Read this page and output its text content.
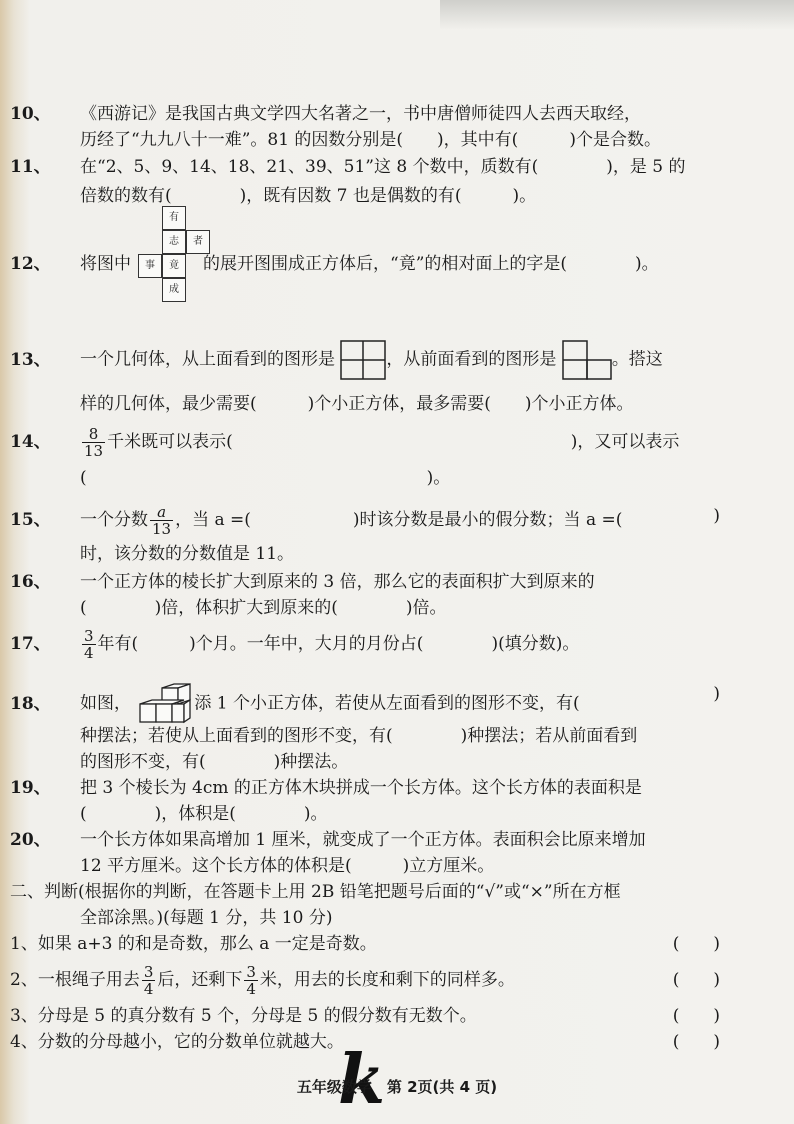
10、 《西游记》是我国古典文学四大名著之一，书中唐僧师徒四人去西天取经，
历经了“九九八十一难”。81 的因数分别是(　　)，其中有(　　　)个是合数。
11、 在“2、5、9、14、18、21、39、51”这 8 个数中，质数有(　　　　)，是 5 的
倍数的数有(　　　　)，既有因数 7 也是偶数的有(　　　)。
有
志	者
事	竟
成
12、 将图中	的展开图围成正方体后，“竟”的相对面上的字是(　　　　)。
13、 一个几何体，从上面看到的图形是	，从前面看到的图形是	。搭这
样的几何体，最少需要(　　　)个小正方体，最多需要(　　)个小正方体。
14、 $\frac{8}{13}$ 千米既可以表示(	)，又可以表示
(　　　　　　　　　　　　　　　　　　　　)。
15、 一个分数 $\frac{a}{13}$ ，当 a =(　　　　　　)时该分数是最小的假分数；当 a =(	)
时，该分数的分数值是 11。
16、 一个正方体的棱长扩大到原来的 3 倍，那么它的表面积扩大到原来的
(　　　　)倍，体积扩大到原来的(　　　　)倍。
17、 $\frac{3}{4}$ 年有(　　　)个月。一年中，大月的月份占(　　　　)(填分数)。
18、 如图，	添 1 个小正方体，若使从左面看到的图形不变，有(	)
种摆法；若使从上面看到的图形不变，有(　　　　)种摆法；若从前面看到
的图形不变，有(　　　　)种摆法。
19、 把 3 个棱长为 4cm 的正方体木块拼成一个长方体。这个长方体的表面积是
(　　　　)，体积是(　　　　)。
20、 一个长方体如果高增加 1 厘米，就变成了一个正方体。表面积会比原来增加
12 平方厘米。这个长方体的体积是(　　　)立方厘米。
二、判断(根据你的判断，在答题卡上用 2B 铅笔把题号后面的“√”或“×”所在方框
全部涂黑。)(每题 1 分，共 10 分)
1、如果 a+3 的和是奇数，那么 a 一定是奇数。	(　　)
2、一根绳子用去 $\frac{3}{4}$ 后，还剩下 $\frac{3}{4}$ 米，用去的长度和剩下的同样多。	(　　)
3、分母是 5 的真分数有 5 个，分母是 5 的假分数有无数个。	(　　)
4、分数的分母越小，它的分数单位就越大。	(　　)
k
五年级数学　第 2页(共 4 页)
